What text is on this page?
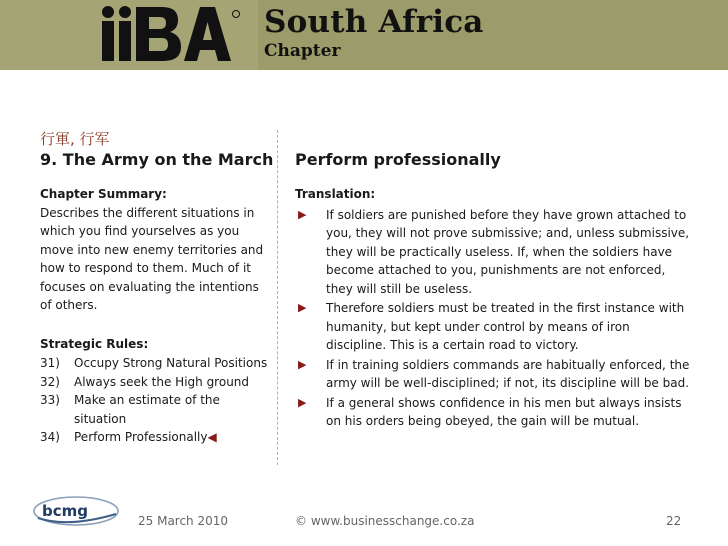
South Africa
Chapter
行軍, 行军
9. The Army on the March Perform professionally
Chapter Summary:

Describes the different situations in which you find yourselves as you move into new enemy territories and how to respond to them. Much of it focuses on evaluating the intentions of others.

Strategic Rules:
31)	Occupy Strong Natural Positions
32)	Always seek the High ground
33)	Make an estimate of the situation
34)	Perform Professionally ◀
Translation:
▶ If soldiers are punished before they have grown attached to you, they will not prove submissive; and, unless submissive, they will be practically useless. If, when the soldiers have become attached to you, punishments are not enforced, they will still be useless.
▶ Therefore soldiers must be treated in the first instance with humanity, but kept under control by means of iron discipline. This is a certain road to victory.
▶ If in training soldiers commands are habitually enforced, the army will be well-disciplined; if not, its discipline will be bad.
▶ If a general shows confidence in his men but always insists on his orders being obeyed, the gain will be mutual.
bcmg
25 March 2010	© www.businesschange.co.za	22
